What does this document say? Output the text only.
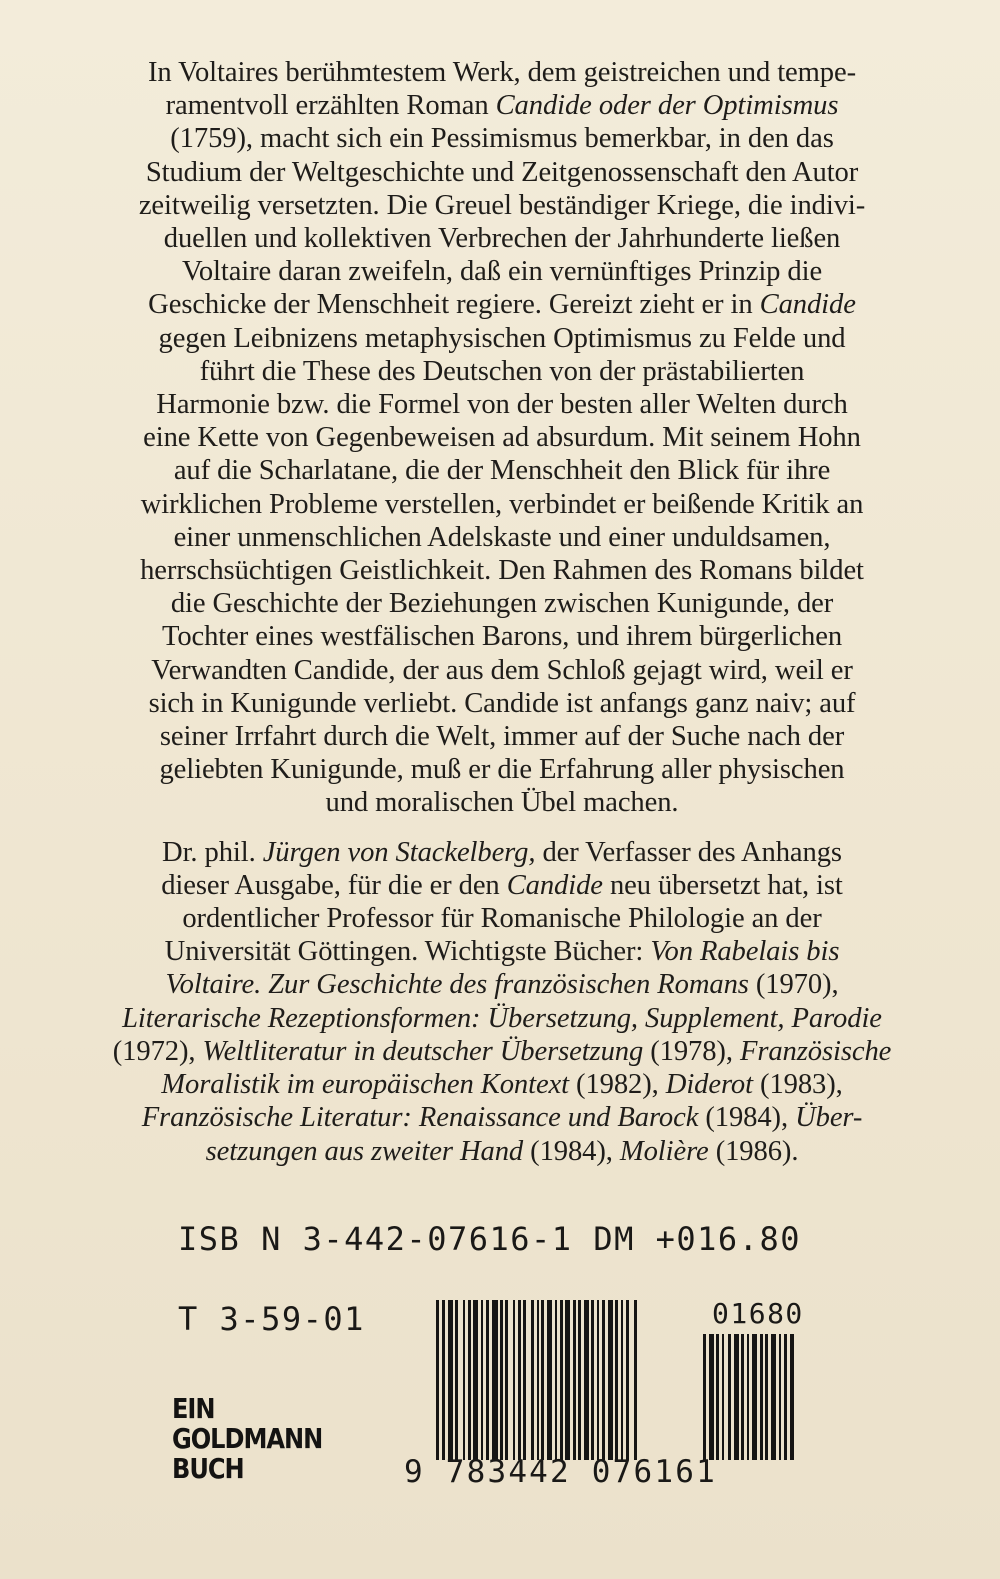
In Voltaires berühmtestem Werk, dem geistreichen und tempe-
ramentvoll erzählten Roman Candide oder der Optimismus
(1759), macht sich ein Pessimismus bemerkbar, in den das
Studium der Weltgeschichte und Zeitgenossenschaft den Autor
zeitweilig versetzten. Die Greuel beständiger Kriege, die indivi-
duellen und kollektiven Verbrechen der Jahrhunderte ließen
Voltaire daran zweifeln, daß ein vernünftiges Prinzip die
Geschicke der Menschheit regiere. Gereizt zieht er in Candide
gegen Leibnizens metaphysischen Optimismus zu Felde und
führt die These des Deutschen von der prästabilierten
Harmonie bzw. die Formel von der besten aller Welten durch
eine Kette von Gegenbeweisen ad absurdum. Mit seinem Hohn
auf die Scharlatane, die der Menschheit den Blick für ihre
wirklichen Probleme verstellen, verbindet er beißende Kritik an
einer unmenschlichen Adelskaste und einer unduldsamen,
herrschsüchtigen Geistlichkeit. Den Rahmen des Romans bildet
die Geschichte der Beziehungen zwischen Kunigunde, der
Tochter eines westfälischen Barons, und ihrem bürgerlichen
Verwandten Candide, der aus dem Schloß gejagt wird, weil er
sich in Kunigunde verliebt. Candide ist anfangs ganz naiv; auf
seiner Irrfahrt durch die Welt, immer auf der Suche nach der
geliebten Kunigunde, muß er die Erfahrung aller physischen
und moralischen Übel machen.

Dr. phil. Jürgen von Stackelberg, der Verfasser des Anhangs
dieser Ausgabe, für die er den Candide neu übersetzt hat, ist
ordentlicher Professor für Romanische Philologie an der
Universität Göttingen. Wichtigste Bücher: Von Rabelais bis
Voltaire. Zur Geschichte des französischen Romans (1970),
Literarische Rezeptionsformen: Übersetzung, Supplement, Parodie
(1972), Weltliteratur in deutscher Übersetzung (1978), Französische
Moralistik im europäischen Kontext (1982), Diderot (1983),
Französische Literatur: Renaissance und Barock (1984), Über-
setzungen aus zweiter Hand (1984), Molière (1986).

ISB N 3-442-07616-1 DM +016.80
T 3-59-01	01680
9 783442 076161
EIN
GOLDMANN
BUCH
